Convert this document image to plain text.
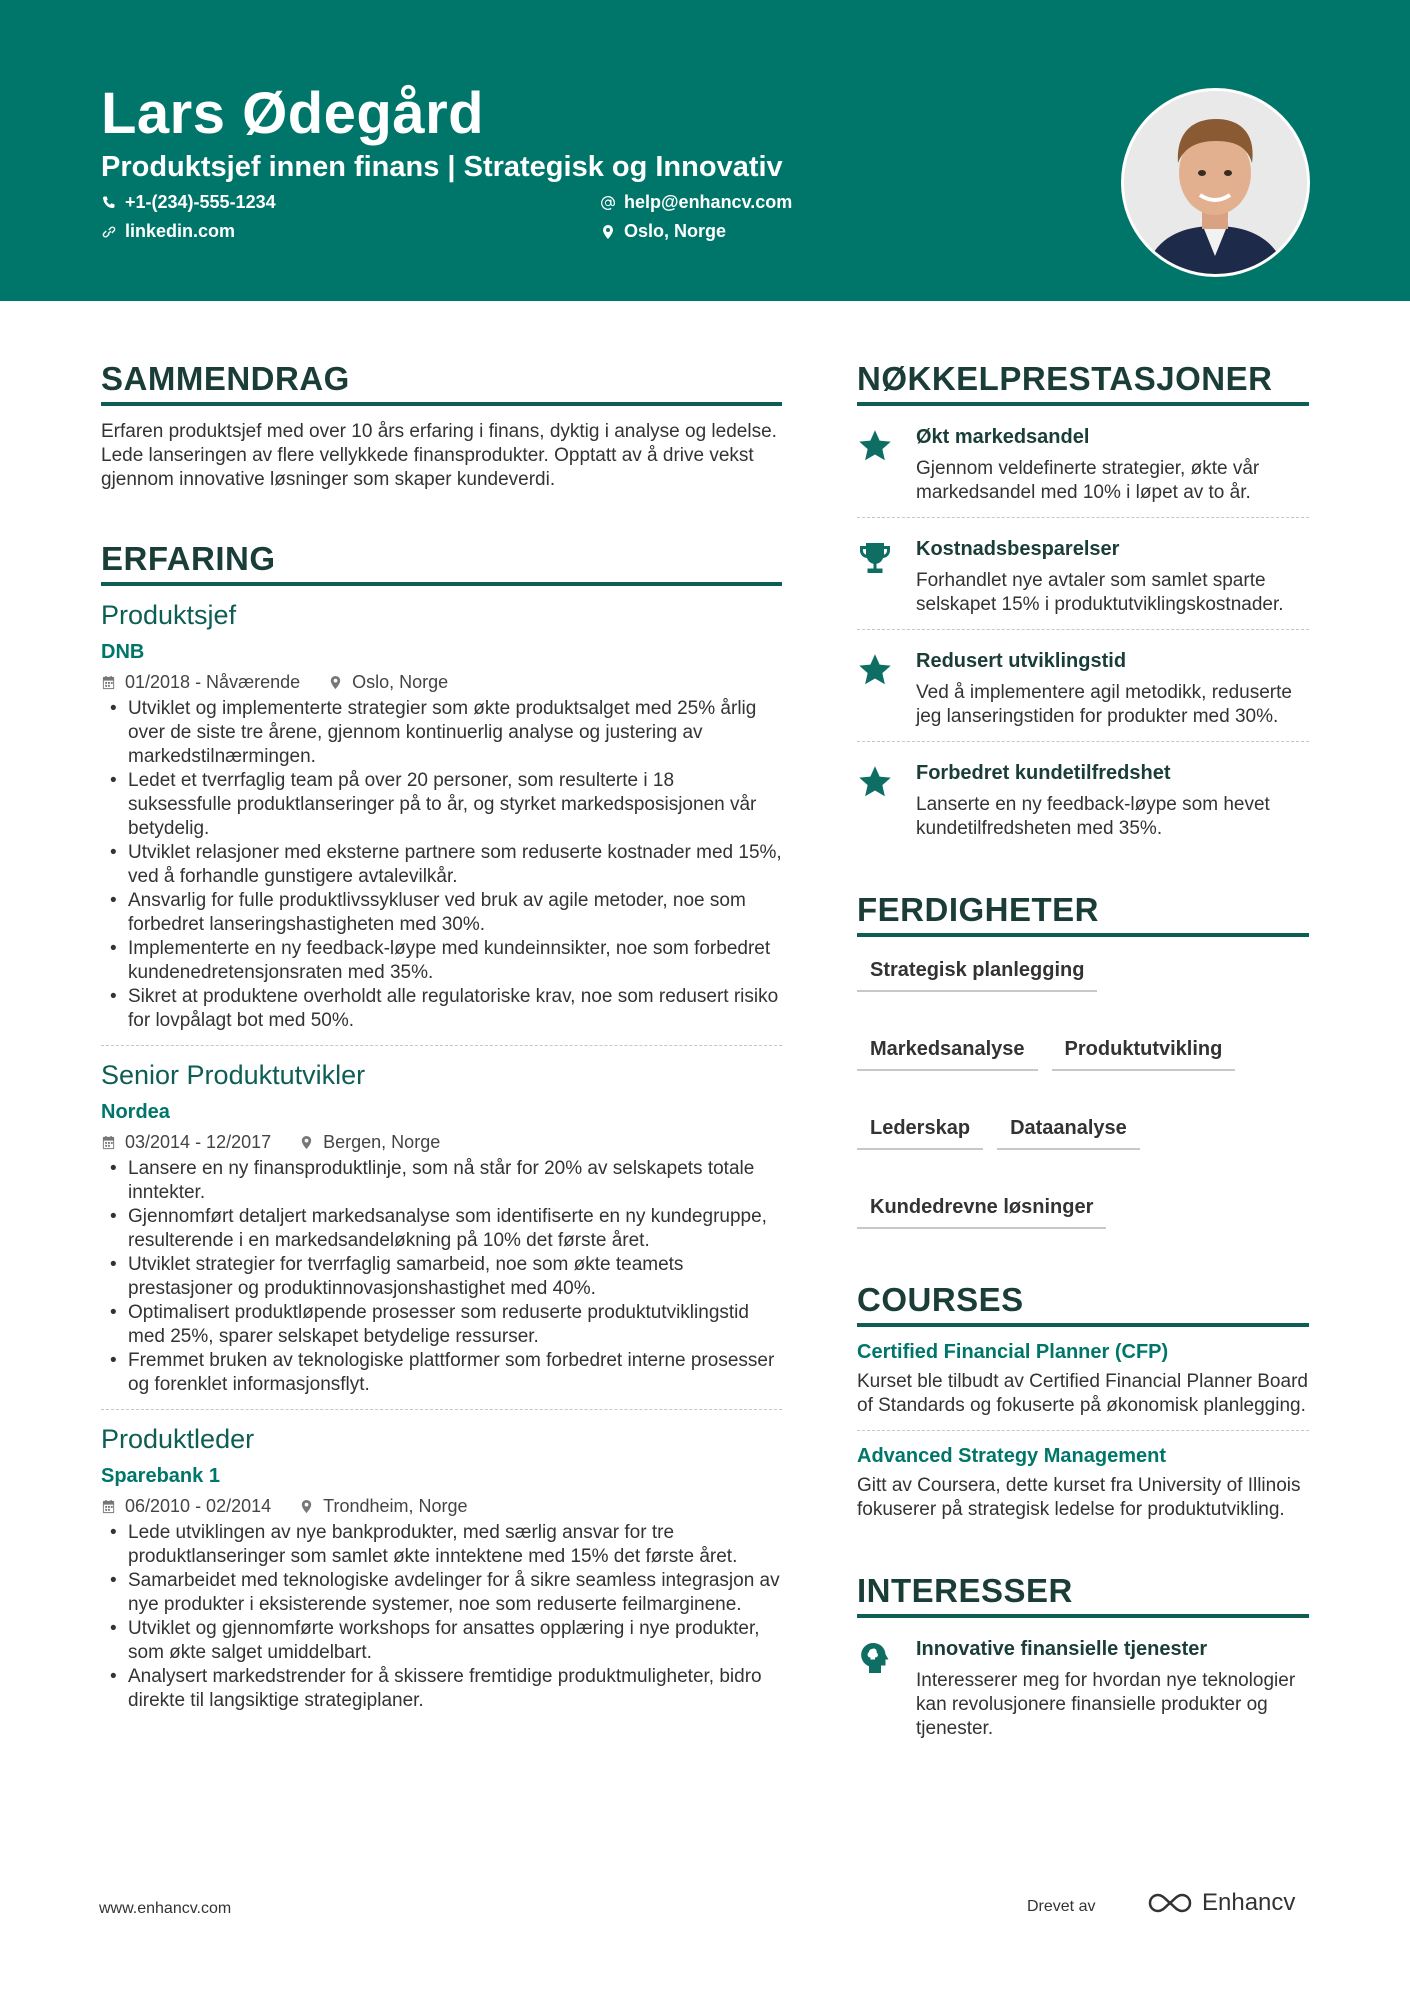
Lars Ødegård
Produktsjef innen finans | Strategisk og Innovativ
+1-(234)-555-1234	help@enhancv.com
linkedin.com	Oslo, Norge
SAMMENDRAG
Erfaren produktsjef med over 10 års erfaring i finans, dyktig i analyse og ledelse. Lede lanseringen av flere vellykkede finansprodukter. Opptatt av å drive vekst gjennom innovative løsninger som skaper kundeverdi.
ERFARING
Produktsjef
DNB
01/2018 - Nåværende	Oslo, Norge
• Utviklet og implementerte strategier som økte produktsalget med 25% årlig over de siste tre årene, gjennom kontinuerlig analyse og justering av markedstilnærmingen.
• Ledet et tverrfaglig team på over 20 personer, som resulterte i 18 suksessfulle produktlanseringer på to år, og styrket markedsposisjonen vår betydelig.
• Utviklet relasjoner med eksterne partnere som reduserte kostnader med 15%, ved å forhandle gunstigere avtalevilkår.
• Ansvarlig for fulle produktlivssykluser ved bruk av agile metoder, noe som forbedret lanseringshastigheten med 30%.
• Implementerte en ny feedback-løype med kundeinnsikter, noe som forbedret kundenedretensjonsraten med 35%.
• Sikret at produktene overholdt alle regulatoriske krav, noe som redusert risiko for lovpålagt bot med 50%.
Senior Produktutvikler
Nordea
03/2014 - 12/2017	Bergen, Norge
• Lansere en ny finansproduktlinje, som nå står for 20% av selskapets totale inntekter.
• Gjennomført detaljert markedsanalyse som identifiserte en ny kundegruppe, resulterende i en markedsandeløkning på 10% det første året.
• Utviklet strategier for tverrfaglig samarbeid, noe som økte teamets prestasjoner og produktinnovasjonshastighet med 40%.
• Optimalisert produktløpende prosesser som reduserte produktutviklingstid med 25%, sparer selskapet betydelige ressurser.
• Fremmet bruken av teknologiske plattformer som forbedret interne prosesser og forenklet informasjonsflyt.
Produktleder
Sparebank 1
06/2010 - 02/2014	Trondheim, Norge
• Lede utviklingen av nye bankprodukter, med særlig ansvar for tre produktlanseringer som samlet økte inntektene med 15% det første året.
• Samarbeidet med teknologiske avdelinger for å sikre seamless integrasjon av nye produkter i eksisterende systemer, noe som reduserte feilmarginene.
• Utviklet og gjennomførte workshops for ansattes opplæring i nye produkter, som økte salget umiddelbart.
• Analysert markedstrender for å skissere fremtidige produktmuligheter, bidro direkte til langsiktige strategiplaner.
NØKKELPRESTASJONER
Økt markedsandel
Gjennom veldefinerte strategier, økte vår markedsandel med 10% i løpet av to år.
Kostnadsbesparelser
Forhandlet nye avtaler som samlet sparte selskapet 15% i produktutviklingskostnader.
Redusert utviklingstid
Ved å implementere agil metodikk, reduserte jeg lanseringstiden for produkter med 30%.
Forbedret kundetilfredshet
Lanserte en ny feedback-løype som hevet kundetilfredsheten med 35%.
FERDIGHETER
Strategisk planlegging
Markedsanalyse	Produktutvikling
Lederskap	Dataanalyse
Kundedrevne løsninger
COURSES
Certified Financial Planner (CFP)
Kurset ble tilbudt av Certified Financial Planner Board of Standards og fokuserte på økonomisk planlegging.
Advanced Strategy Management
Gitt av Coursera, dette kurset fra University of Illinois fokuserer på strategisk ledelse for produktutvikling.
INTERESSER
Innovative finansielle tjenester
Interesserer meg for hvordan nye teknologier kan revolusjonere finansielle produkter og tjenester.
www.enhancv.com	Drevet av	Enhancv
